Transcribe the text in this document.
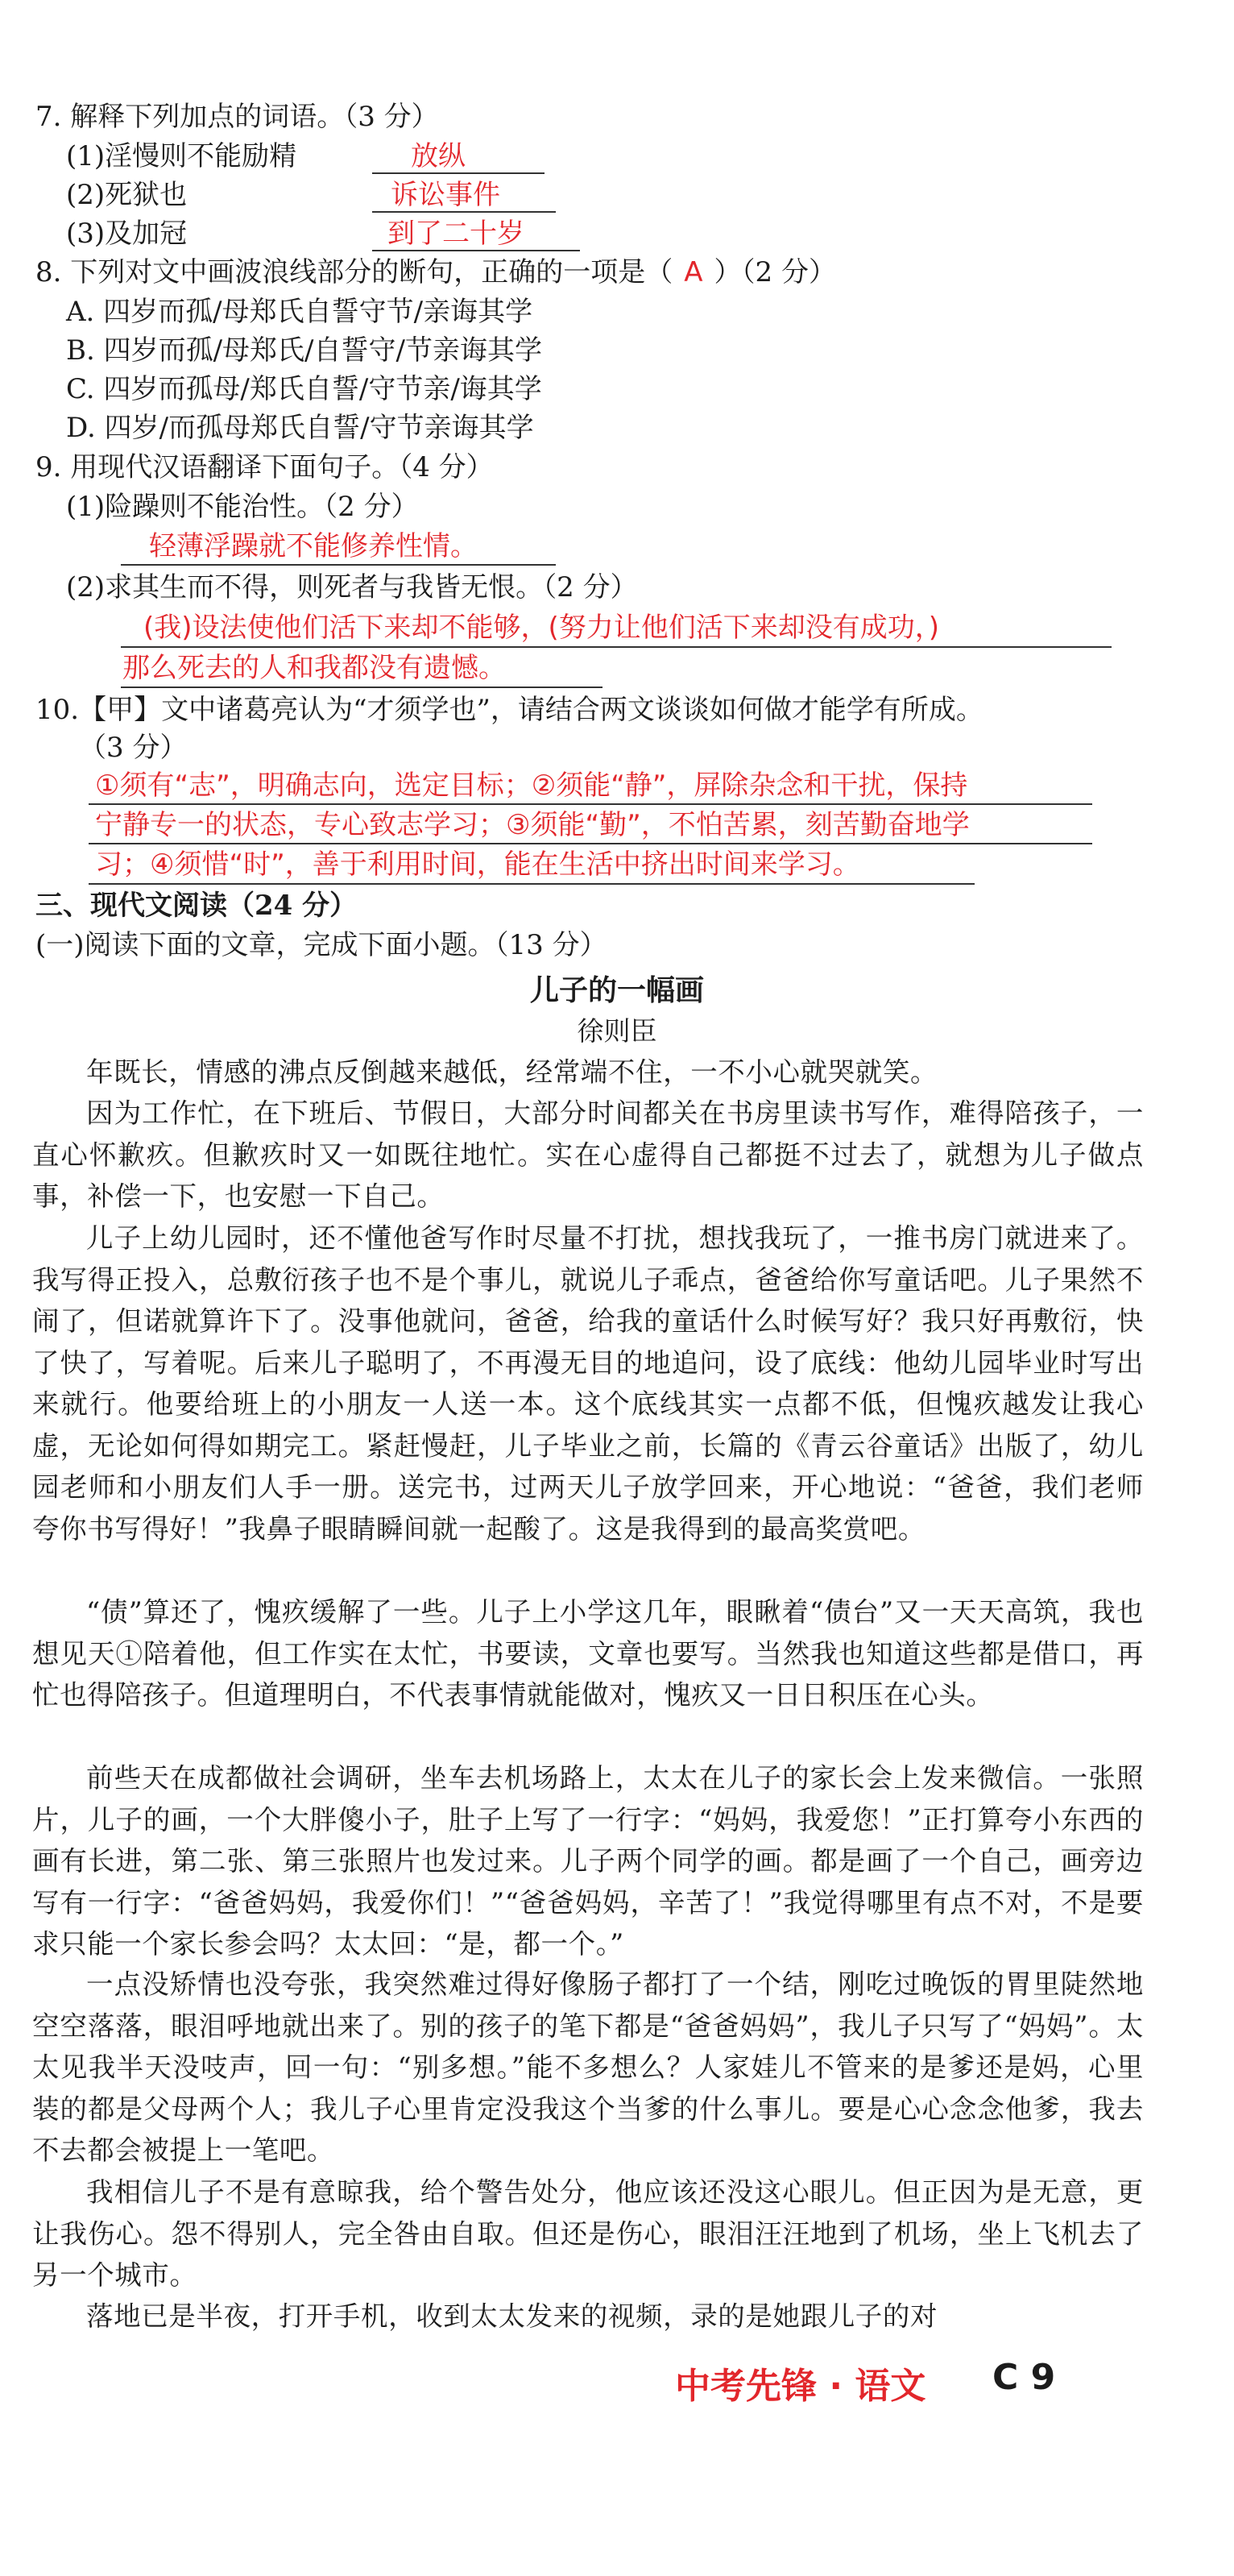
7. 解释下列加点的词语。（3 分）
(1)淫慢则不能励精	放纵
(2)死狱也	诉讼事件
(3)及加冠	到了二十岁
8. 下列对文中画波浪线部分的断句，正确的一项是（ A ）（2 分）
A. 四岁而孤/母郑氏自誓守节/亲诲其学
B. 四岁而孤/母郑氏/自誓守/节亲诲其学
C. 四岁而孤母/郑氏自誓/守节亲/诲其学
D. 四岁/而孤母郑氏自誓/守节亲诲其学
9. 用现代汉语翻译下面句子。（4 分）
(1)险躁则不能治性。（2 分）
轻薄浮躁就不能修养性情。
(2)求其生而不得，则死者与我皆无恨。（2 分）
(我)设法使他们活下来却不能够，(努力让他们活下来却没有成功，)
那么死去的人和我都没有遗憾。
10.【甲】文中诸葛亮认为“才须学也”，请结合两文谈谈如何做才能学有所成。
（3 分）
①须有“志”，明确志向，选定目标；②须能“静”，屏除杂念和干扰，保持
宁静专一的状态，专心致志学习；③须能“勤”，不怕苦累，刻苦勤奋地学
习；④须惜“时”，善于利用时间，能在生活中挤出时间来学习。
三、现代文阅读（24 分）
(一)阅读下面的文章，完成下面小题。（13 分）
儿子的一幅画
徐则臣
年既长，情感的沸点反倒越来越低，经常端不住，一不小心就哭就笑。
因为工作忙，在下班后、节假日，大部分时间都关在书房里读书写作，难得陪孩子，一直心怀歉疚。但歉疚时又一如既往地忙。实在心虚得自己都挺不过去了，就想为儿子做点事，补偿一下，也安慰一下自己。
儿子上幼儿园时，还不懂他爸写作时尽量不打扰，想找我玩了，一推书房门就进来了。我写得正投入，总敷衍孩子也不是个事儿，就说儿子乖点，爸爸给你写童话吧。儿子果然不闹了，但诺就算许下了。没事他就问，爸爸，给我的童话什么时候写好？我只好再敷衍，快了快了，写着呢。后来儿子聪明了，不再漫无目的地追问，设了底线：他幼儿园毕业时写出来就行。他要给班上的小朋友一人送一本。这个底线其实一点都不低，但愧疚越发让我心虚，无论如何得如期完工。紧赶慢赶，儿子毕业之前，长篇的《青云谷童话》出版了，幼儿园老师和小朋友们人手一册。送完书，过两天儿子放学回来，开心地说：“爸爸，我们老师夸你书写得好！”我鼻子眼睛瞬间就一起酸了。这是我得到的最高奖赏吧。
“债”算还了，愧疚缓解了一些。儿子上小学这几年，眼瞅着“债台”又一天天高筑，我也想见天①陪着他，但工作实在太忙，书要读，文章也要写。当然我也知道这些都是借口，再忙也得陪孩子。但道理明白，不代表事情就能做对，愧疚又一日日积压在心头。
前些天在成都做社会调研，坐车去机场路上，太太在儿子的家长会上发来微信。一张照片，儿子的画，一个大胖傻小子，肚子上写了一行字：“妈妈，我爱您！”正打算夸小东西的画有长进，第二张、第三张照片也发过来。儿子两个同学的画。都是画了一个自己，画旁边写有一行字：“爸爸妈妈，我爱你们！”“爸爸妈妈，辛苦了！”我觉得哪里有点不对，不是要求只能一个家长参会吗？太太回：“是，都一个。”
一点没矫情也没夸张，我突然难过得好像肠子都打了一个结，刚吃过晚饭的胃里陡然地空空落落，眼泪呼地就出来了。别的孩子的笔下都是“爸爸妈妈”，我儿子只写了“妈妈”。太太见我半天没吱声，回一句：“别多想。”能不多想么？人家娃儿不管来的是爹还是妈，心里装的都是父母两个人；我儿子心里肯定没我这个当爹的什么事儿。要是心心念念他爹，我去不去都会被提上一笔吧。
我相信儿子不是有意晾我，给个警告处分，他应该还没这心眼儿。但正因为是无意，更让我伤心。怨不得别人，完全咎由自取。但还是伤心，眼泪汪汪地到了机场，坐上飞机去了另一个城市。
落地已是半夜，打开手机，收到太太发来的视频，录的是她跟儿子的对
中考先锋 · 语文 C 9
